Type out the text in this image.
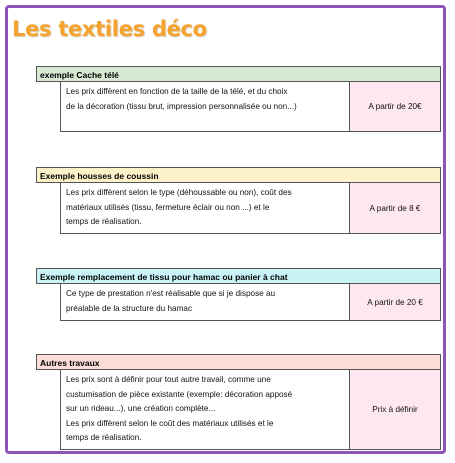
Les textiles déco
exemple Cache télé
Les prix diffèrent en fonction de la taille de la télé, et du choix
de la décoration (tissu brut, impression personnalisée ou non...)	A partir de 20€
Exemple housses de coussin
Les prix diffèrent selon le type (déhoussable ou non), coût des
matériaux utilisés (tissu, fermeture éclair ou non ...) et le
temps de réalisation.
A partir de 8 €
Exemple remplacement de tissu pour hamac ou panier à chat
Ce type de prestation n'est réalisable que si je dispose au
préalable de la structure du hamac
A partir de 20 €
Autres travaux
Les prix sont à définir pour tout autre travail, comme une
custumisation de pièce existante (exemple: décoration apposé
sur un rideau...), une création complète...
Les prix diffèrent selon le coût des matériaux utilisés et le
temps de réalisation.
Prix à définir
